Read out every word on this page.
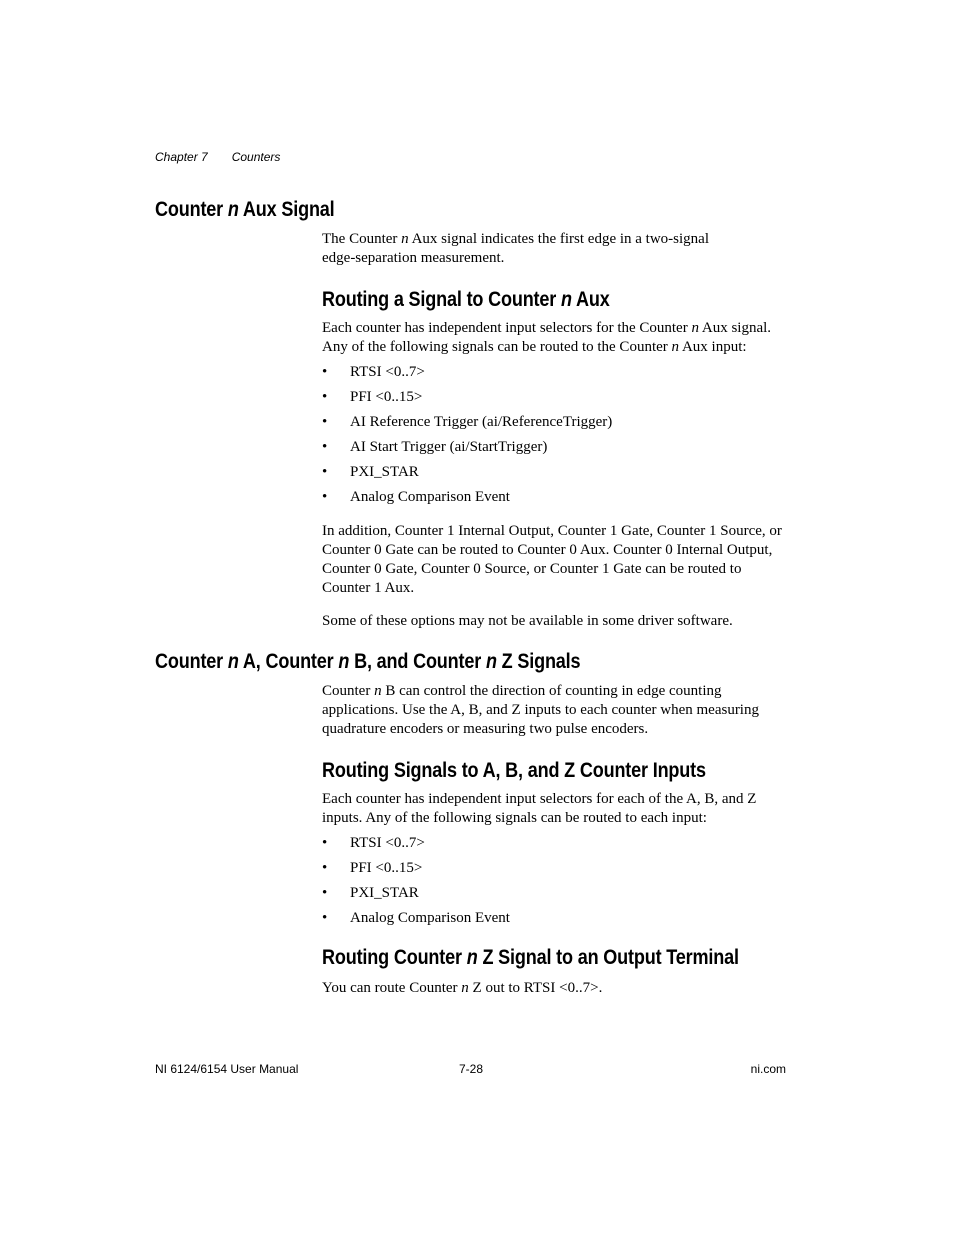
Chapter 7 Counters
Counter n Aux Signal

The Counter n Aux signal indicates the first edge in a two-signal edge-separation measurement.

Routing a Signal to Counter n Aux

Each counter has independent input selectors for the Counter n Aux signal. Any of the following signals can be routed to the Counter n Aux input:

• RTSI <0..7>
• PFI <0..15>
• AI Reference Trigger (ai/ReferenceTrigger)
• AI Start Trigger (ai/StartTrigger)
• PXI_STAR
• Analog Comparison Event

In addition, Counter 1 Internal Output, Counter 1 Gate, Counter 1 Source, or Counter 0 Gate can be routed to Counter 0 Aux. Counter 0 Internal Output, Counter 0 Gate, Counter 0 Source, or Counter 1 Gate can be routed to Counter 1 Aux.

Some of these options may not be available in some driver software.

Counter n A, Counter n B, and Counter n Z Signals

Counter n B can control the direction of counting in edge counting applications. Use the A, B, and Z inputs to each counter when measuring quadrature encoders or measuring two pulse encoders.

Routing Signals to A, B, and Z Counter Inputs

Each counter has independent input selectors for each of the A, B, and Z inputs. Any of the following signals can be routed to each input:

• RTSI <0..7>
• PFI <0..15>
• PXI_STAR
• Analog Comparison Event
Routing Counter n Z Signal to an Output Terminal

You can route Counter n Z out to RTSI <0..7>.

NI 6124/6154 User Manual	7-28	ni.com
